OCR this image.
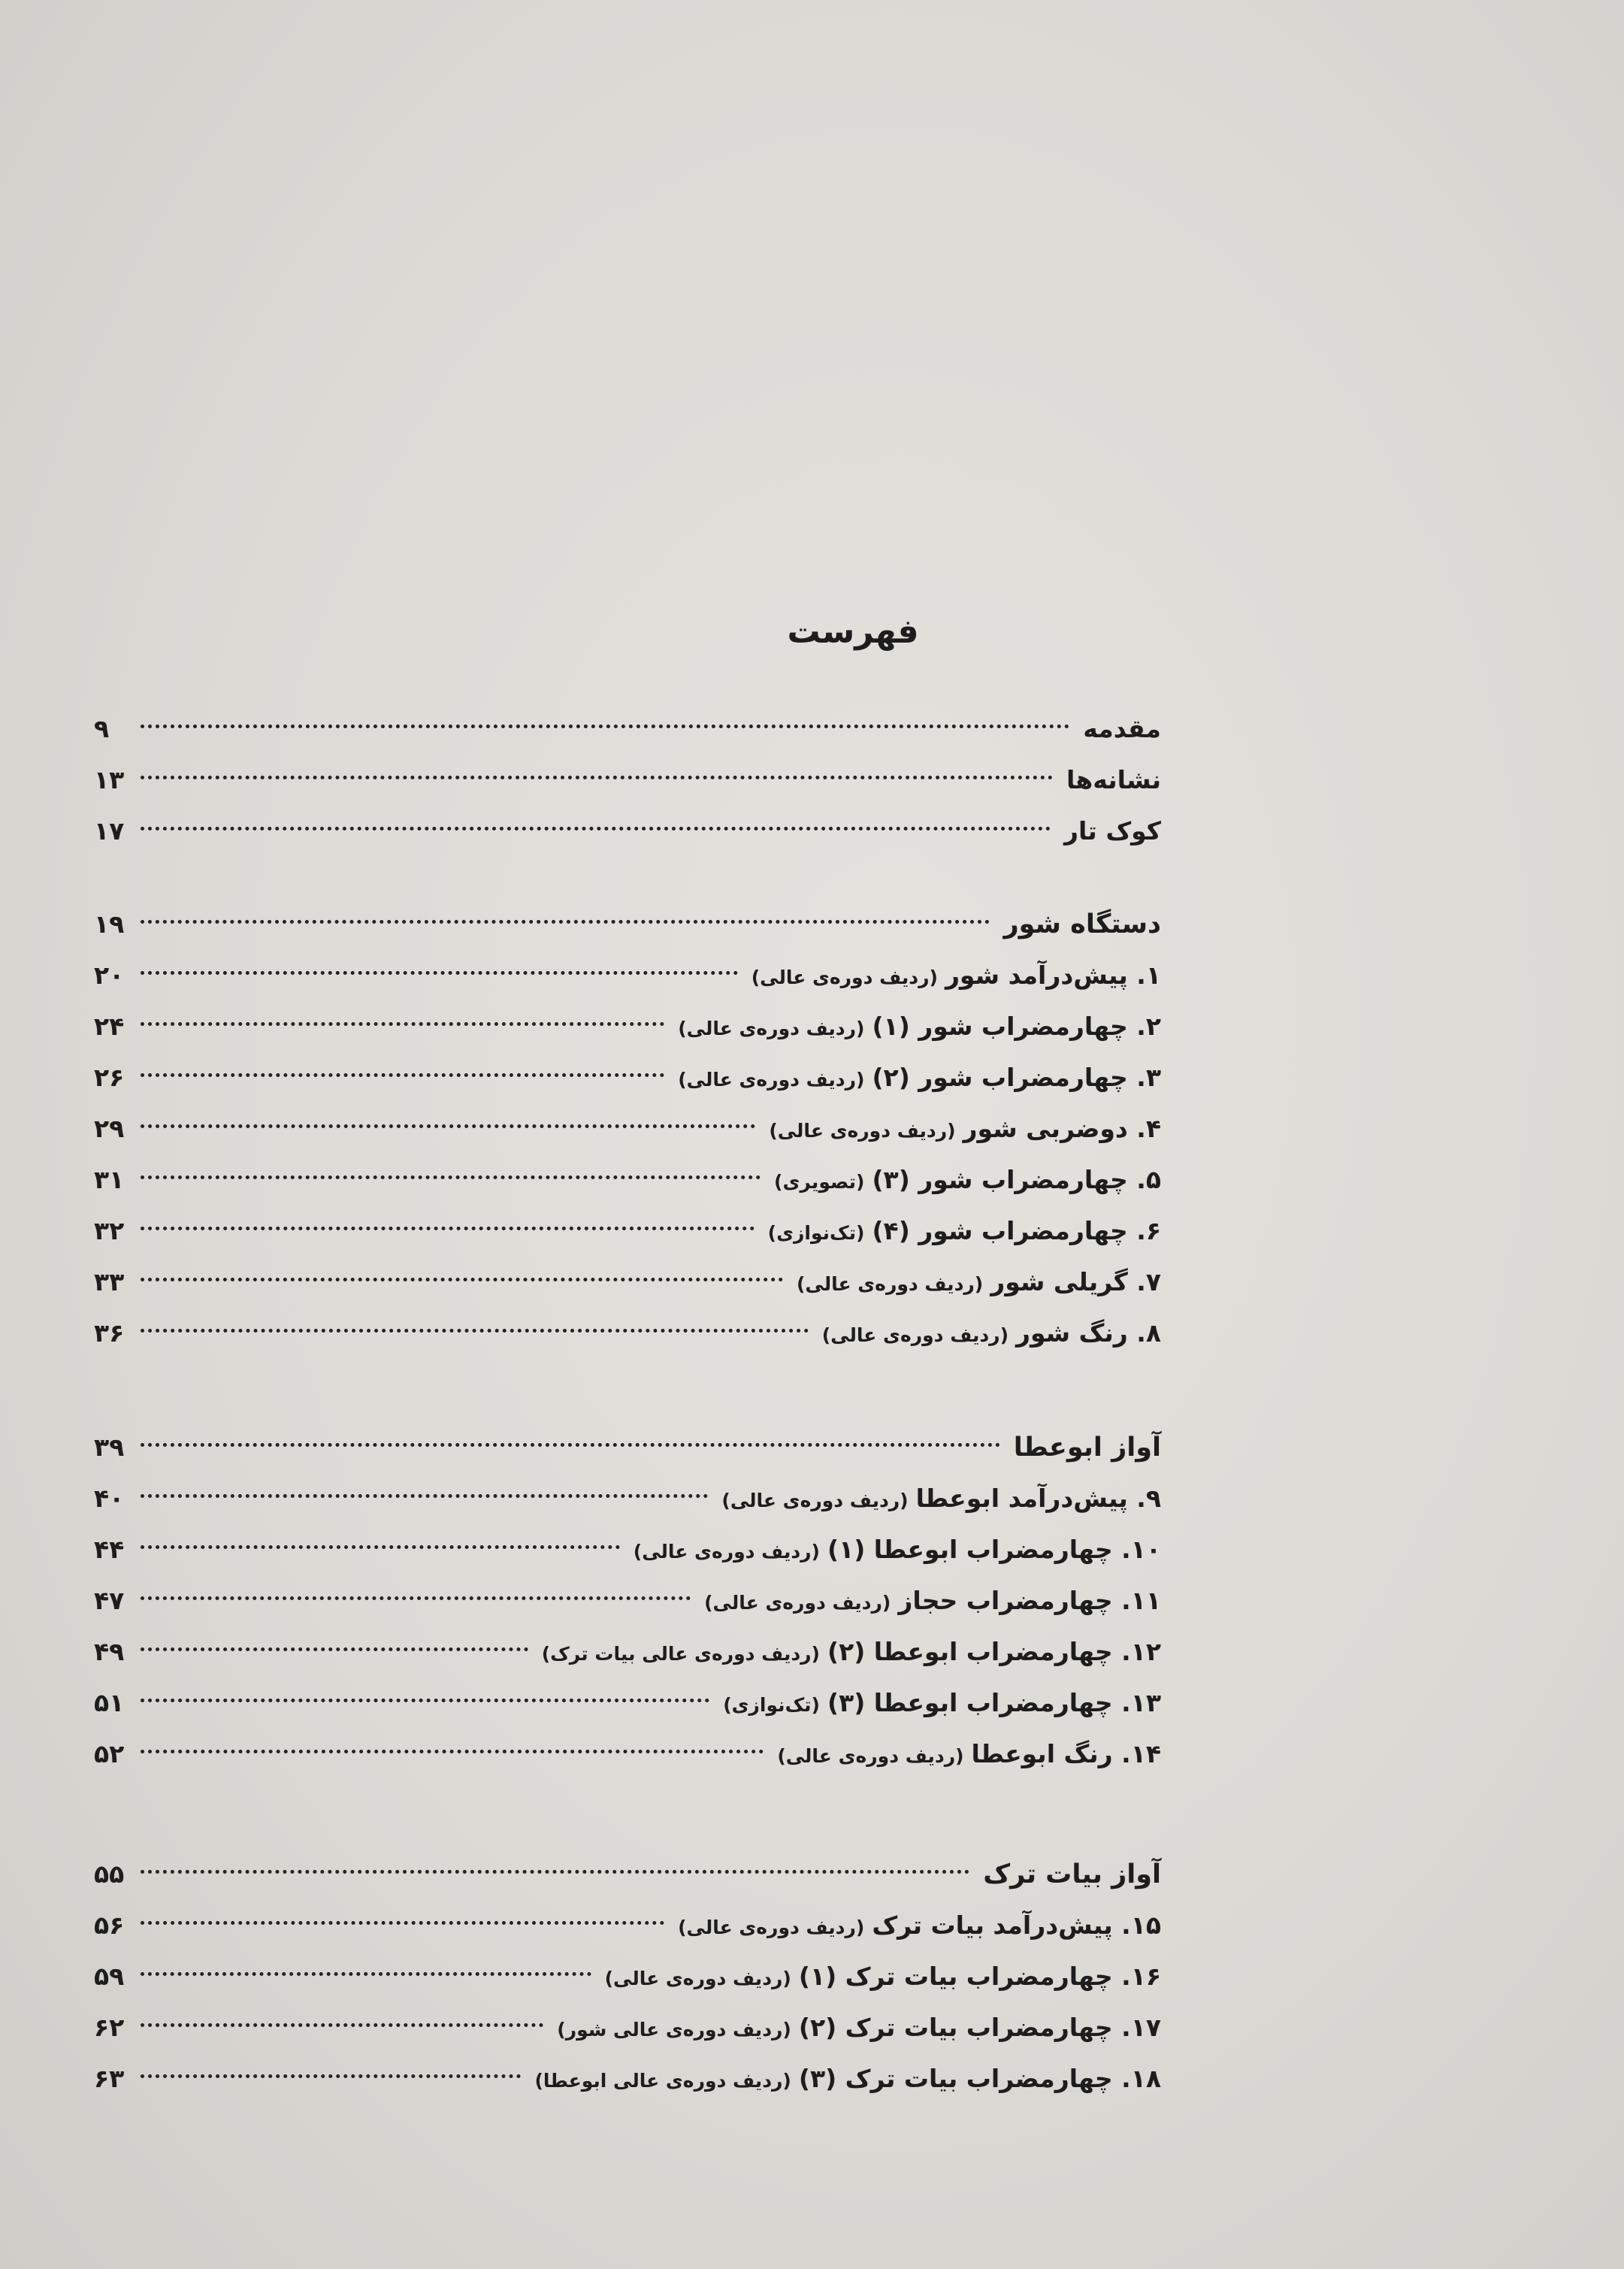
فهرست
مقدمه
۹
نشانه‌ها
۱۳
کوک تار
۱۷
دستگاه شور
۱۹
۱. پیش‌درآمد شور(ردیف دوره‌ی عالی)
۲۰
۲. چهارمضراب شور (۱)(ردیف دوره‌ی عالی)
۲۴
۳. چهارمضراب شور (۲)(ردیف دوره‌ی عالی)
۲۶
۴. دوضربی شور(ردیف دوره‌ی عالی)
۲۹
۵. چهارمضراب شور (۳)(تصویری)
۳۱
۶. چهارمضراب شور (۴)(تک‌نوازی)
۳۲
۷. گریلی شور(ردیف دوره‌ی عالی)
۳۳
۸. رنگ شور(ردیف دوره‌ی عالی)
۳۶
آواز ابوعطا
۳۹
۹. پیش‌درآمد ابوعطا(ردیف دوره‌ی عالی)
۴۰
۱۰. چهارمضراب ابوعطا (۱)(ردیف دوره‌ی عالی)
۴۴
۱۱. چهارمضراب حجاز(ردیف دوره‌ی عالی)
۴۷
۱۲. چهارمضراب ابوعطا (۲)(ردیف دوره‌ی عالی بیات ترک)
۴۹
۱۳. چهارمضراب ابوعطا (۳)(تک‌نوازی)
۵۱
۱۴. رنگ ابوعطا(ردیف دوره‌ی عالی)
۵۲
آواز بیات ترک
۵۵
۱۵. پیش‌درآمد بیات ترک(ردیف دوره‌ی عالی)
۵۶
۱۶. چهارمضراب بیات ترک (۱)(ردیف دوره‌ی عالی)
۵۹
۱۷. چهارمضراب بیات ترک (۲)(ردیف دوره‌ی عالی شور)
۶۲
۱۸. چهارمضراب بیات ترک (۳)(ردیف دوره‌ی عالی ابوعطا)
۶۳
